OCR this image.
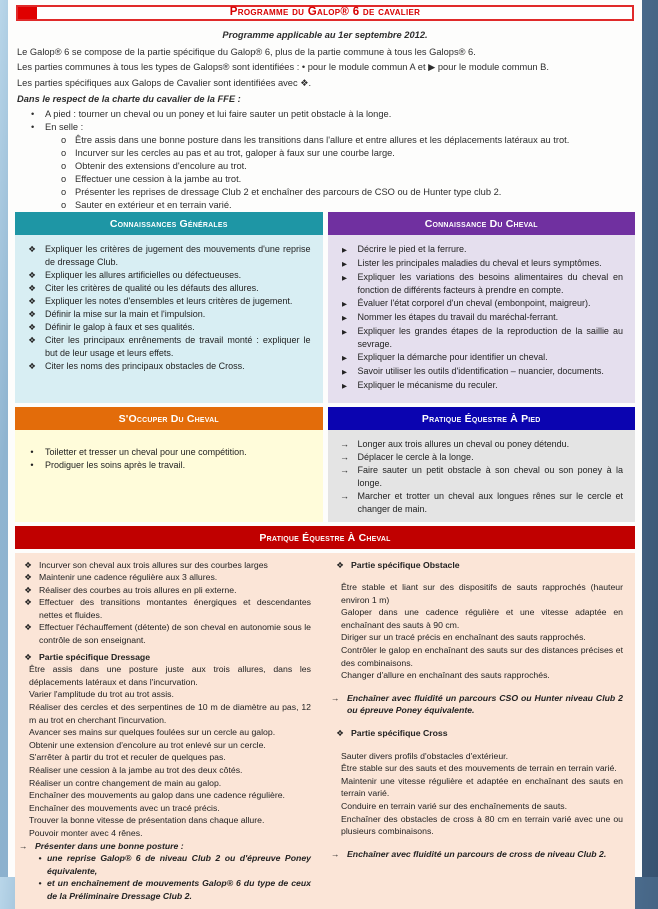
Programme du Galop® 6 de cavalier
Programme applicable au 1er septembre 2012.

Le Galop® 6 se compose de la partie spécifique du Galop® 6, plus de la partie commune à tous les Galops® 6.

Les parties communes à tous les types de Galops® sont identifiées : • pour le module commun A et ▶ pour le module commun B.

Les parties spécifiques aux Galops de Cavalier sont identifiées avec ❖.

Dans le respect de la charte du cavalier de la FFE :
•	A pied : tourner un cheval ou un poney et lui faire sauter un petit obstacle à la longe.
•	En selle :
o Être assis dans une bonne posture dans les transitions dans l'allure et entre allures et les déplacements latéraux au trot.
o Incurver sur les cercles au pas et au trot, galoper à faux sur une courbe large.
o Obtenir des extensions d'encolure au trot.
o Effectuer une cession à la jambe au trot.
o Présenter les reprises de dressage Club 2 et enchaîner des parcours de CSO ou de Hunter type club 2.
o Sauter en extérieur et en terrain varié.
Connaissances Générales	Connaissance Du Cheval
❖	Expliquer les critères de jugement des mouvements d'une reprise de dressage Club.
❖	Expliquer les allures artificielles ou défectueuses.
❖	Citer les critères de qualité ou les défauts des allures.
❖	Expliquer les notes d'ensembles et leurs critères de jugement.
❖	Définir la mise sur la main et l'impulsion.
❖	Définir le galop à faux et ses qualités.
❖	Citer les principaux enrênements de travail monté : expliquer le but de leur usage et leurs effets.
❖	Citer les noms des principaux obstacles de Cross.
▶	Décrire le pied et la ferrure.
▶	Lister les principales maladies du cheval et leurs symptômes.
▶	Expliquer les variations des besoins alimentaires du cheval en fonction de différents facteurs à prendre en compte.
▶	Évaluer l'état corporel d'un cheval (embonpoint, maigreur).
▶	Nommer les étapes du travail du maréchal-ferrant.
▶	Expliquer les grandes étapes de la reproduction de la saillie au sevrage.
▶	Expliquer la démarche pour identifier un cheval.
▶	Savoir utiliser les outils d'identification – nuancier, documents.
▶	Expliquer le mécanisme du reculer.
S'Occuper Du Cheval	Pratique Équestre À Pied
•	Toiletter et tresser un cheval pour une compétition.
•	Prodiguer les soins après le travail.
→ Longer aux trois allures un cheval ou poney détendu.
→ Déplacer le cercle à la longe.
→ Faire sauter un petit obstacle à son cheval ou son poney à la longe.
→ Marcher et trotter un cheval aux longues rênes sur le cercle et changer de main.
Pratique Équestre À Cheval
❖ Incurver son cheval aux trois allures sur des courbes larges
❖ Maintenir une cadence régulière aux 3 allures.
❖ Réaliser des courbes au trois allures en pli externe.
❖ Effectuer des transitions montantes énergiques et descendantes nettes et fluides.
❖ Effectuer l'échauffement (détente) de son cheval en autonomie sous le contrôle de son enseignant.
❖ Partie spécifique Dressage
Être assis dans une posture juste aux trois allures, dans les déplacements latéraux et dans l'incurvation.
Varier l'amplitude du trot au trot assis.
Réaliser des cercles et des serpentines de 10 m de diamètre au pas, 12 m au trot en cherchant l'incurvation.
Avancer ses mains sur quelques foulées sur un cercle au galop.
Obtenir une extension d'encolure au trot enlevé sur un cercle.
S'arrêter à partir du trot et reculer de quelques pas.
Réaliser une cession à la jambe au trot des deux côtés.
Réaliser un contre changement de main au galop.
Enchaîner des mouvements au galop dans une cadence régulière.
Enchaîner des mouvements avec un tracé précis.
Trouver la bonne vitesse de présentation dans chaque allure.
Pouvoir monter avec 4 rênes.
→ Présenter dans une bonne posture :
• une reprise Galop® 6 de niveau Club 2 ou d'épreuve Poney équivalente,
• et un enchaînement de mouvements Galop® 6 du type de ceux de la Préliminaire Dressage Club 2.
❖ Partie spécifique Obstacle
Être stable et liant sur des dispositifs de sauts rapprochés (hauteur environ 1 m)
Galoper dans une cadence régulière et une vitesse adaptée en enchaînant des sauts à 90 cm.
Diriger sur un tracé précis en enchaînant des sauts rapprochés.
Contrôler le galop en enchaînant des sauts sur des distances précises et des combinaisons.
Changer d'allure en enchaînant des sauts rapprochés.
→ Enchaîner avec fluidité un parcours CSO ou Hunter niveau Club 2 ou épreuve Poney équivalente.
❖ Partie spécifique Cross
Sauter divers profils d'obstacles d'extérieur.
Être stable sur des sauts et des mouvements de terrain en terrain varié.
Maintenir une vitesse régulière et adaptée en enchaînant des sauts en terrain varié.
Conduire en terrain varié sur des enchaînements de sauts.
Enchaîner des obstacles de cross à 80 cm en terrain varié avec une ou plusieurs combinaisons.
→ Enchaîner avec fluidité un parcours de cross de niveau Club 2.
